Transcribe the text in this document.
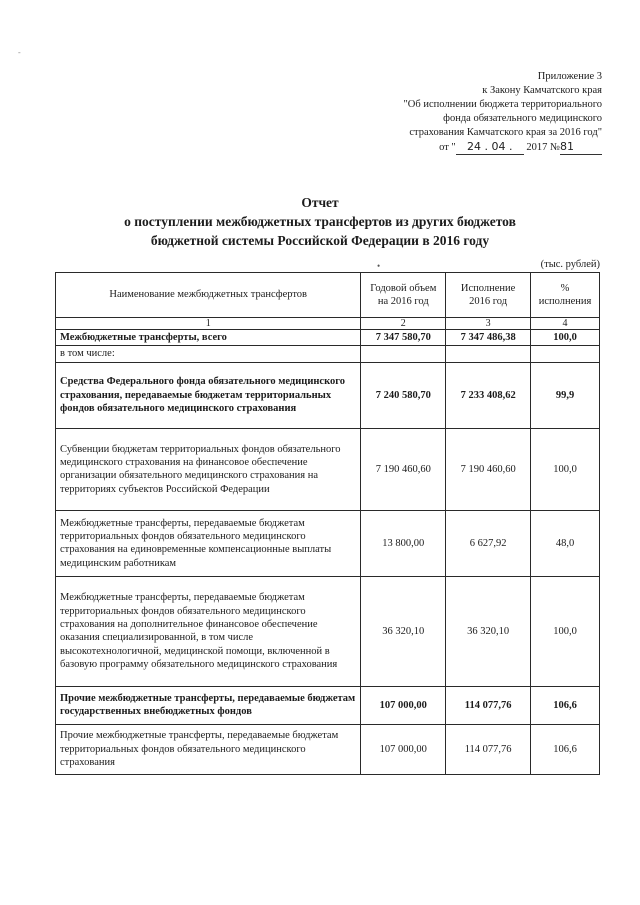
-
Приложение 3
к Закону Камчатского края
"Об исполнении бюджета территориального
фонда обязательного медицинского
страхования Камчатского края за 2016 год"
от " 24 . 04 . 2017 №81
Отчет
о поступлении межбюджетных трансфертов из других бюджетов
бюджетной системы Российской Федерации в 2016 году
•	(тыс. рублей)
Наименование межбюджетных трансфертов	Годовой объем на 2016 год	Исполнение 2016 год	% исполнения
1	2	3	4
Межбюджетные трансферты, всего	7 347 580,70	7 347 486,38	100,0
в том числе:			
Средства Федерального фонда обязательного медицинского страхования, передаваемые бюджетам территориальных фондов обязательного медицинского страхования	7 240 580,70	7 233 408,62	99,9
Субвенции бюджетам территориальных фондов обязательного медицинского страхования на финансовое обеспечение организации обязательного медицинского страхования на территориях субъектов Российской Федерации	7 190 460,60	7 190 460,60	100,0
Межбюджетные трансферты, передаваемые бюджетам территориальных фондов обязательного медицинского страхования на единовременные компенсационные выплаты медицинским работникам	13 800,00	6 627,92	48,0
Межбюджетные трансферты, передаваемые бюджетам территориальных фондов обязательного медицинского страхования на дополнительное финансовое обеспечение оказания специализированной, в том числе высокотехнологичной, медицинской помощи, включенной в базовую программу обязательного медицинского страхования	36 320,10	36 320,10	100,0
Прочие межбюджетные трансферты, передаваемые бюджетам государственных внебюджетных фондов	107 000,00	114 077,76	106,6
Прочие межбюджетные трансферты, передаваемые бюджетам территориальных фондов обязательного медицинского страхования	107 000,00	114 077,76	106,6
